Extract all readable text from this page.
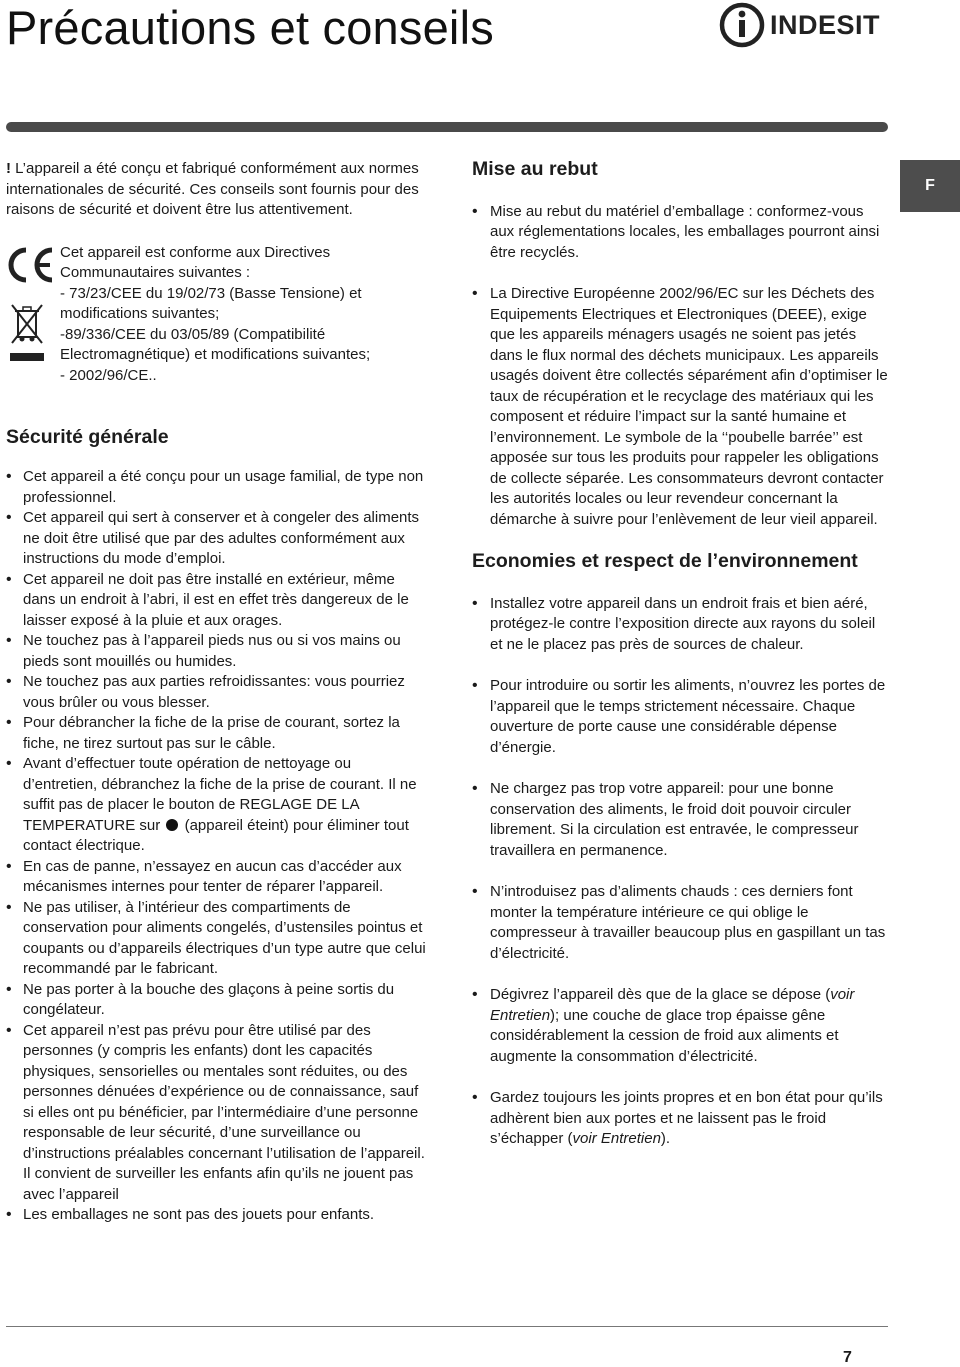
Précautions et conseils	INDESIT
F

! L’appareil a été conçu et fabriqué conformément aux normes internationales de sécurité. Ces conseils sont fournis pour des raisons de sécurité et doivent être lus attentivement.

Cet appareil est conforme aux Directives Communautaires suivantes :
- 73/23/CEE du 19/02/73 (Basse Tensione) et modifications suivantes;
-89/336/CEE du 03/05/89 (Compatibilité Electromagnétique) et modifications suivantes;
- 2002/96/CE..
Sécurité générale
• Cet appareil a été conçu pour un usage familial, de type non professionnel.
• Cet appareil qui sert à conserver et à congeler des aliments ne doit être utilisé que par des adultes conformément aux instructions du mode d’emploi.
• Cet appareil ne doit pas être installé en extérieur, même dans un endroit à l’abri, il est en effet très dangereux de le laisser exposé à la pluie et aux orages.
• Ne touchez pas à l’appareil pieds nus ou si vos mains ou pieds sont mouillés ou humides.
• Ne touchez pas aux parties refroidissantes: vous pourriez vous brûler ou vous blesser.
• Pour débrancher la fiche de la prise de courant, sortez la fiche, ne tirez surtout pas sur le câble.
• Avant d’effectuer toute opération de nettoyage ou d’entretien, débranchez la fiche de la prise de courant. Il ne suffit pas de placer le bouton de REGLAGE DE LA TEMPERATURE sur (appareil éteint) pour éliminer tout contact électrique.
• En cas de panne, n’essayez en aucun cas d’accéder aux mécanismes internes pour tenter de réparer l’appareil.
• Ne pas utiliser, à l’intérieur des compartiments de conservation pour aliments congelés, d’ustensiles pointus et coupants ou d’appareils électriques d’un type autre que celui recommandé par le fabricant.
• Ne pas porter à la bouche des glaçons à peine sortis du congélateur.
• Cet appareil n’est pas prévu pour être utilisé par des personnes (y compris les enfants) dont les capacités physiques, sensorielles ou mentales sont réduites, ou des personnes dénuées d’expérience ou de connaissance, sauf si elles ont pu bénéficier, par l’intermédiaire d’une personne responsable de leur sécurité, d’une surveillance ou d’instructions préalables concernant l’utilisation de l’appareil. Il convient de surveiller les enfants afin qu’ils ne jouent pas avec l’appareil
• Les emballages ne sont pas des jouets pour enfants.
Mise au rebut
• Mise au rebut du matériel d’emballage : conformez-vous aux réglementations locales, les emballages pourront ainsi être recyclés.
• La Directive Européenne 2002/96/EC sur les Déchets des Equipements Electriques et Electroniques (DEEE), exige que les appareils ménagers usagés ne soient pas jetés dans le flux normal des déchets municipaux. Les appareils usagés doivent être collectés séparément afin d’optimiser le taux de récupération et le recyclage des matériaux qui les composent et réduire l’impact sur la santé humaine et l’environnement. Le symbole de la ‘‘poubelle barrée’’ est apposée sur tous les produits pour rappeler les obligations de collecte séparée. Les consommateurs devront contacter les autorités locales ou leur revendeur concernant la démarche à suivre pour l’enlèvement de leur vieil appareil.
Economies et respect de l’environnement
• Installez votre appareil dans un endroit frais et bien aéré, protégez-le contre l’exposition directe aux rayons du soleil et ne le placez pas près de sources de chaleur.
• Pour introduire ou sortir les aliments, n’ouvrez les portes de l’appareil que le temps strictement nécessaire. Chaque ouverture de porte cause une considérable dépense d’énergie.
• Ne chargez pas trop votre appareil: pour une bonne conservation des aliments, le froid doit pouvoir circuler librement. Si la circulation est entravée, le compresseur travaillera en permanence.
• N’introduisez pas d’aliments chauds : ces derniers font monter la température intérieure ce qui oblige le compresseur à travailler beaucoup plus en gaspillant un tas d’électricité.
• Dégivrez l’appareil dès que de la glace se dépose (voir Entretien); une couche de glace trop épaisse gêne considérablement la cession de froid aux aliments et augmente la consommation d’électricité.
• Gardez toujours les joints propres et en bon état pour qu’ils adhèrent bien aux portes et ne laissent pas le froid s’échapper (voir Entretien).
7
